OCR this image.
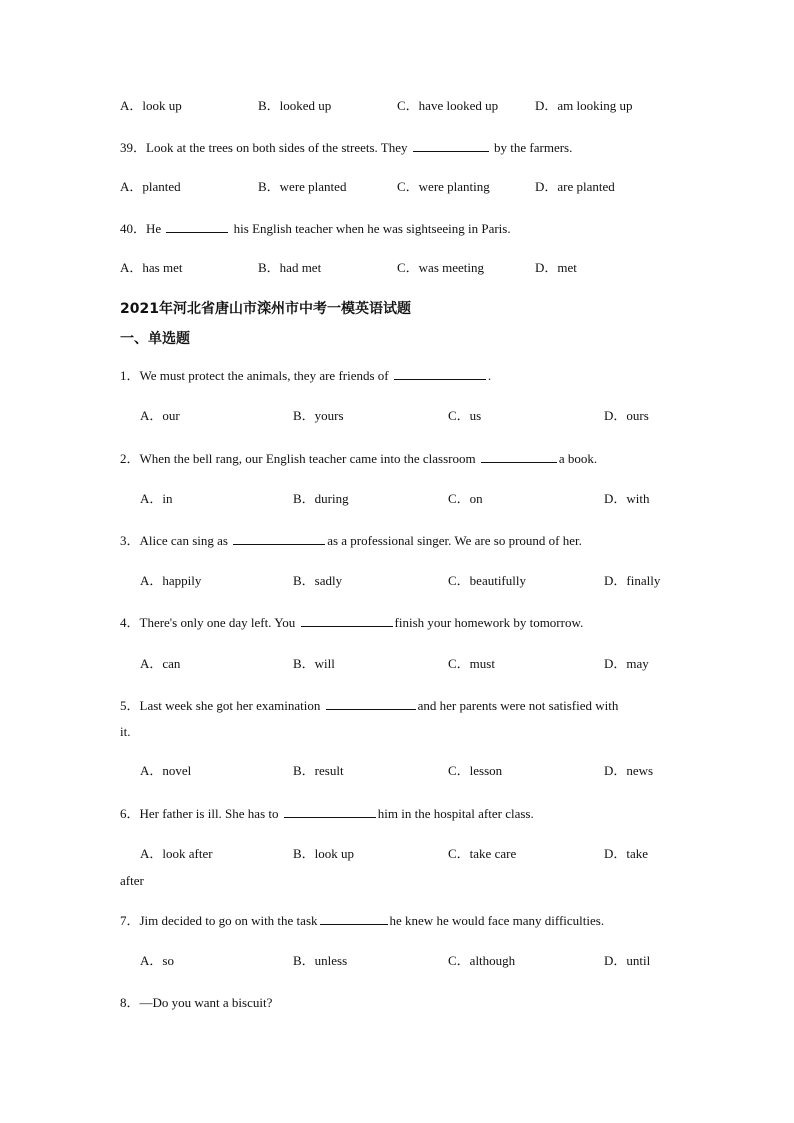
A．look up	B．looked up	C．have looked up	D．am looking up
39．Look at the trees on both sides of the streets. They	by the farmers.
A．planted	B．were planted	C．were planting	D．are planted
40．He	his English teacher when he was sightseeing in Paris.
A．has met	B．had met	C．was meeting	D．met
2021年河北省唐山市滦州市中考一模英语试题
一、单选题
1．We must protect the animals, they are friends of	.
A．our	B．yours	C．us	D．ours
2．When the bell rang, our English teacher came into the classroom	a book.
A．in	B．during	C．on	D．with
3．Alice can sing as	as a professional singer. We are so pround of her.
A．happily	B．sadly	C．beautifully	D．finally
4．There's only one day left. You	finish your homework by tomorrow.
A．can	B．will	C．must	D．may
5．Last week she got her examination	and her parents were not satisfied with
it.
A．novel	B．result	C．lesson	D．news
6．Her father is ill. She has to	him in the hospital after class.
A．look after	B．look up	C．take care	D．take
after
7．Jim decided to go on with the task	he knew he would face many difficulties.
A．so	B．unless	C．although	D．until
8．—Do you want a biscuit?
